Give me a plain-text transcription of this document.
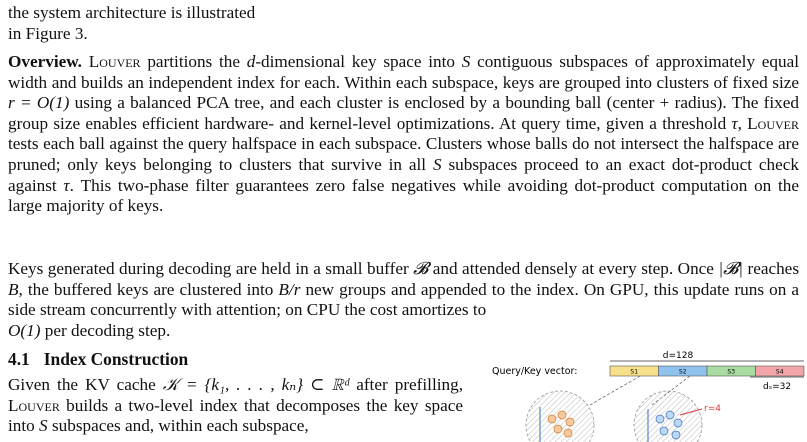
the system architecture is illustrated
in Figure 3.

Overview. Louver partitions the d-dimensional key space into S contiguous subspaces of approximately equal width and builds an independent index for each. Within each subspace, keys are grouped into clusters of fixed size r = O(1) using a balanced PCA tree, and each cluster is enclosed by a bounding ball (center + radius). The fixed group size enables efficient hardware- and kernel-level optimizations. At query time, given a threshold τ, Louver tests each ball against the query halfspace in each subspace. Clusters whose balls do not intersect the halfspace are pruned; only keys belonging to clusters that survive in all S subspaces proceed to an exact dot-product check against τ. This two-phase filter guarantees zero false negatives while avoiding dot-product computation on the large majority of keys.

Keys generated during decoding are held in a small buffer 𝓑 and attended densely at every step. Once |𝓑| reaches B, the buffered keys are clustered into B/r new groups and appended to the index. On GPU, this update runs on a side stream concurrently with attention; on CPU the cost amortizes to
O(1) per decoding step.

4.1 Index Construction

Given the KV cache 𝒦 = {k₁, . . . , kₙ} ⊂ ℝᵈ after prefilling, Louver builds a two-level index that decomposes the key space into S subspaces and, within each subspace,

d=128
Query/Key vector:	S1	S2	S3	S4
dₛ=32
r=4
